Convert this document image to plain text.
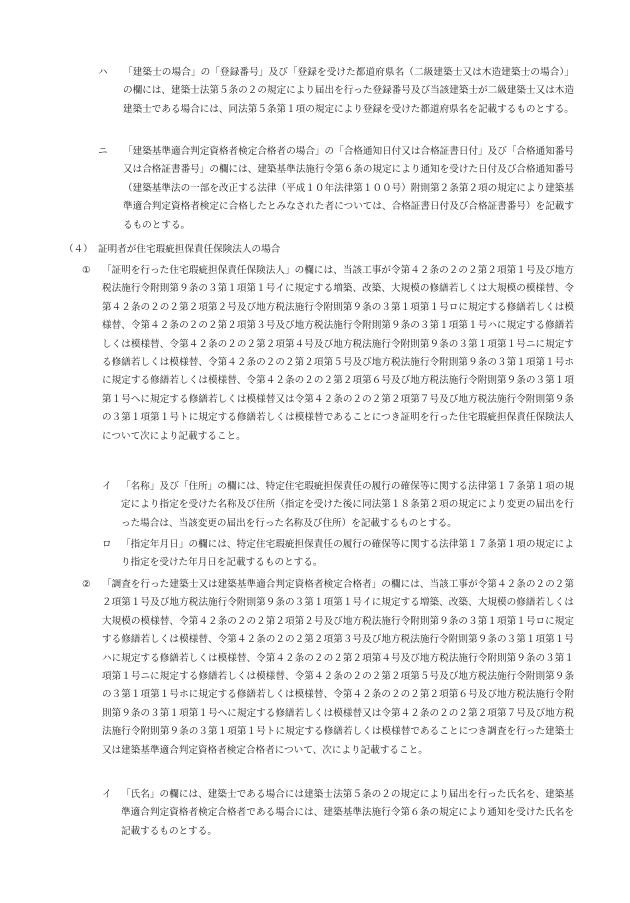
ハ 「建築士の場合」の「登録番号」及び「登録を受けた都道府県名（二級建築士又は木造建築士の場合）」の欄には、建築士法第５条の２の規定により届出を行った登録番号及び当該建築士が二級建築士又は木造建築士である場合には、同法第５条第１項の規定により登録を受けた都道府県名を記載するものとする。
ニ 「建築基準適合判定資格者検定合格者の場合」の「合格通知日付又は合格証書日付」及び「合格通知番号又は合格証書番号」の欄には、建築基準法施行令第６条の規定により通知を受けた日付及び合格通知番号（建築基準法の一部を改正する法律（平成１０年法律第１００号）附則第２条第２項の規定により建築基準適合判定資格者検定に合格したとみなされた者については、合格証書日付及び合格証書番号）を記載するものとする。
（４） 証明者が住宅瑕疵担保責任保険法人の場合
① 「証明を行った住宅瑕疵担保責任保険法人」の欄には、当該工事が令第４２条の２の２第２項第１号及び地方税法施行令附則第９条の３第１項第１号イに規定する増築、改築、大規模の修繕若しくは大規模の模様替、令第４２条の２の２第２項第２号及び地方税法施行令附則第９条の３第１項第１号ロに規定する修繕若しくは模様替、令第４２条の２の２第２項第３号及び地方税法施行令附則第９条の３第１項第１号ハに規定する修繕若しくは模様替、令第４２条の２の２第２項第４号及び地方税法施行令附則第９条の３第１項第１号ニに規定する修繕若しくは模様替、令第４２条の２の２第２項第５号及び地方税法施行令附則第９条の３第１項第１号ホに規定する修繕若しくは模様替、令第４２条の２の２第２項第６号及び地方税法施行令附則第９条の３第１項第１号へに規定する修繕若しくは模様替又は令第４２条の２の２第２項第７号及び地方税法施行令附則第９条の３第１項第１号トに規定する修繕若しくは模様替であることにつき証明を行った住宅瑕疵担保責任保険法人について次により記載すること。
イ 「名称」及び「住所」の欄には、特定住宅瑕疵担保責任の履行の確保等に関する法律第１７条第１項の規定により指定を受けた名称及び住所（指定を受けた後に同法第１８条第２項の規定により変更の届出を行った場合は、当該変更の届出を行った名称及び住所）を記載するものとする。
ロ 「指定年月日」の欄には、特定住宅瑕疵担保責任の履行の確保等に関する法律第１７条第１項の規定により指定を受けた年月日を記載するものとする。
② 「調査を行った建築士又は建築基準適合判定資格者検定合格者」の欄には、当該工事が令第４２条の２の２第２項第１号及び地方税法施行令附則第９条の３第１項第１号イに規定する増築、改築、大規模の修繕若しくは大規模の模様替、令第４２条の２の２第２項第２号及び地方税法施行令附則第９条の３第１項第１号ロに規定する修繕若しくは模様替、令第４２条の２の２第２項第３号及び地方税法施行令附則第９条の３第１項第１号ハに規定する修繕若しくは模様替、令第４２条の２の２第２項第４号及び地方税法施行令附則第９条の３第１項第１号ニに規定する修繕若しくは模様替、令第４２条の２の２第２項第５号及び地方税法施行令附則第９条の３第１項第１号ホに規定する修繕若しくは模様替、令第４２条の２の２第２項第６号及び地方税法施行令附則第９条の３第１項第１号へに規定する修繕若しくは模様替又は令第４２条の２の２第２項第７号及び地方税法施行令附則第９条の３第１項第１号トに規定する修繕若しくは模様替であることにつき調査を行った建築士又は建築基準適合判定資格者検定合格者について、次により記載すること。
イ 「氏名」の欄には、建築士である場合には建築士法第５条の２の規定により届出を行った氏名を、建築基準適合判定資格者検定合格者である場合には、建築基準法施行令第６条の規定により通知を受けた氏名を記載するものとする。
